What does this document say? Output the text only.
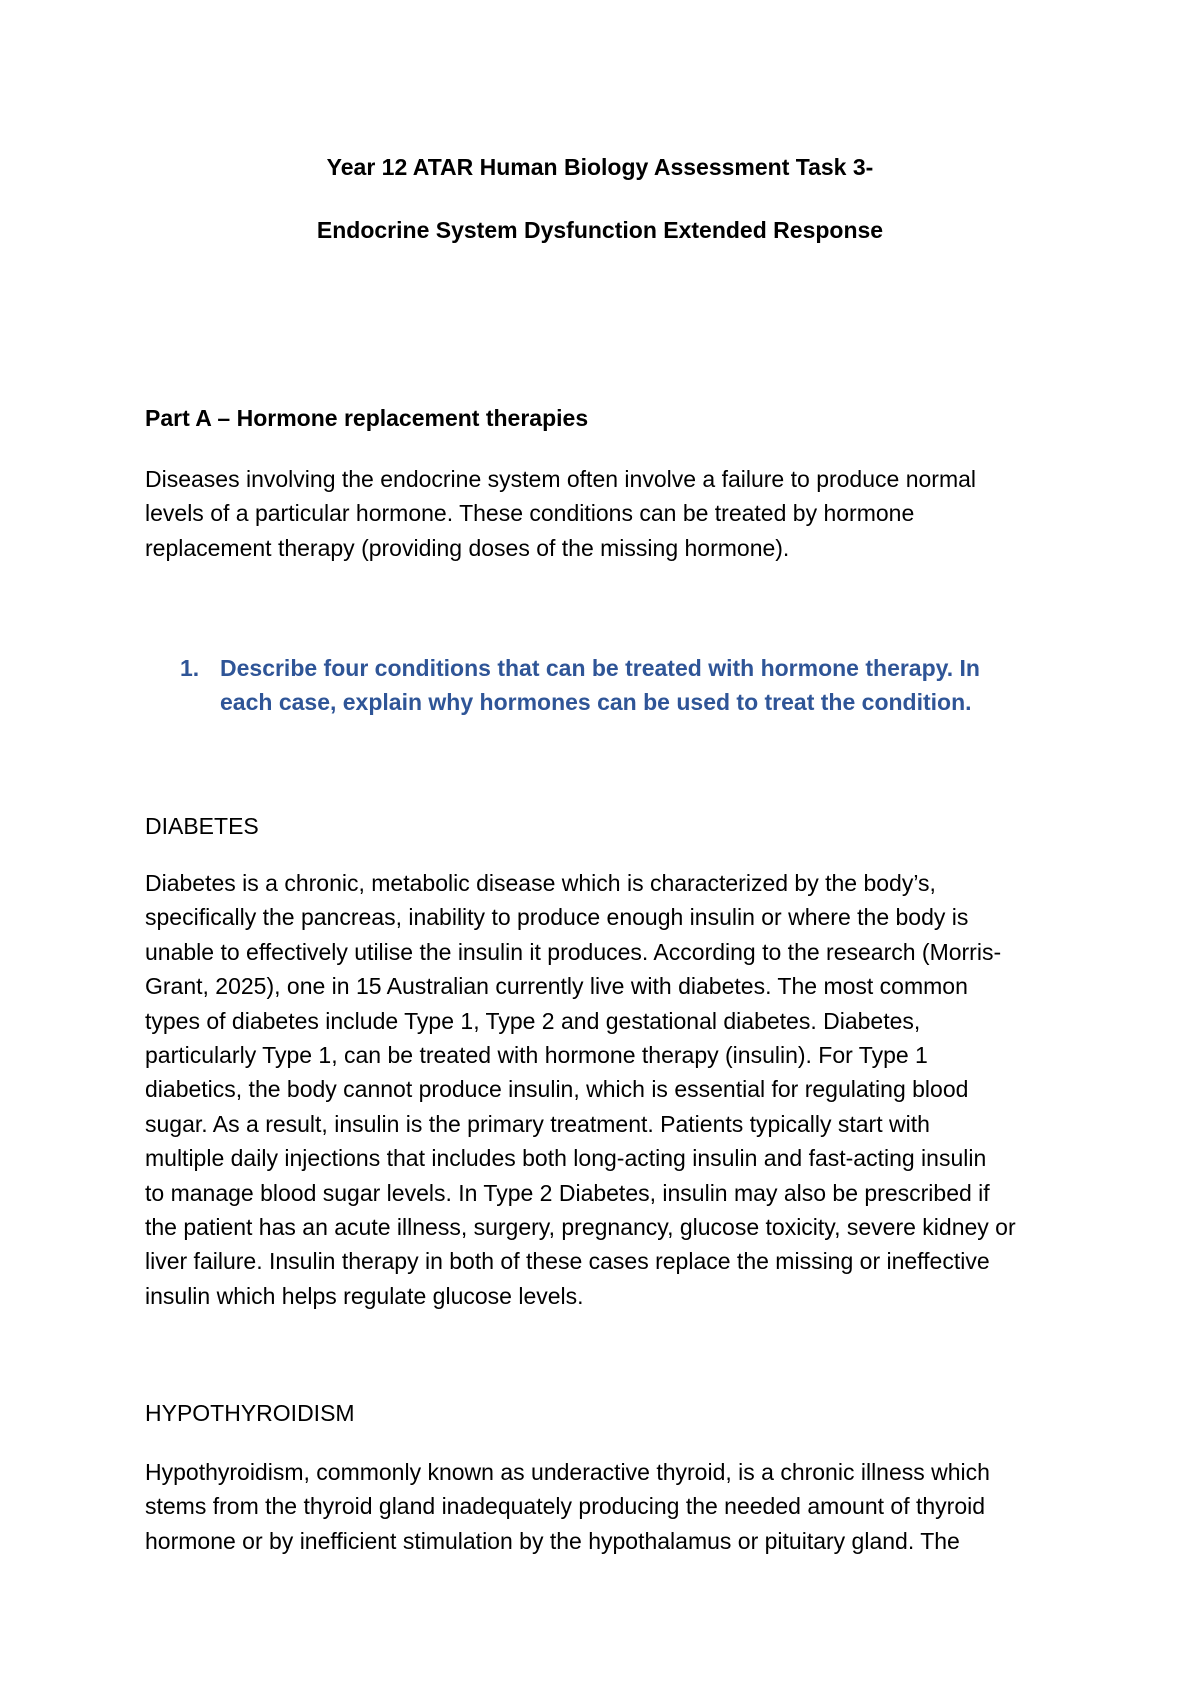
Year 12 ATAR Human Biology Assessment Task 3-
Endocrine System Dysfunction Extended Response
Part A – Hormone replacement therapies

Diseases involving the endocrine system often involve a failure to produce normal
levels of a particular hormone. These conditions can be treated by hormone
replacement therapy (providing doses of the missing hormone).

1. Describe four conditions that can be treated with hormone therapy. In
each case, explain why hormones can be used to treat the condition.
DIABETES

Diabetes is a chronic, metabolic disease which is characterized by the body’s,
specifically the pancreas, inability to produce enough insulin or where the body is
unable to effectively utilise the insulin it produces. According to the research (Morris-
Grant, 2025), one in 15 Australian currently live with diabetes. The most common
types of diabetes include Type 1, Type 2 and gestational diabetes. Diabetes,
particularly Type 1, can be treated with hormone therapy (insulin). For Type 1
diabetics, the body cannot produce insulin, which is essential for regulating blood
sugar. As a result, insulin is the primary treatment. Patients typically start with
multiple daily injections that includes both long-acting insulin and fast-acting insulin
to manage blood sugar levels. In Type 2 Diabetes, insulin may also be prescribed if
the patient has an acute illness, surgery, pregnancy, glucose toxicity, severe kidney or
liver failure. Insulin therapy in both of these cases replace the missing or ineffective
insulin which helps regulate glucose levels.

HYPOTHYROIDISM

Hypothyroidism, commonly known as underactive thyroid, is a chronic illness which
stems from the thyroid gland inadequately producing the needed amount of thyroid
hormone or by inefficient stimulation by the hypothalamus or pituitary gland. The
